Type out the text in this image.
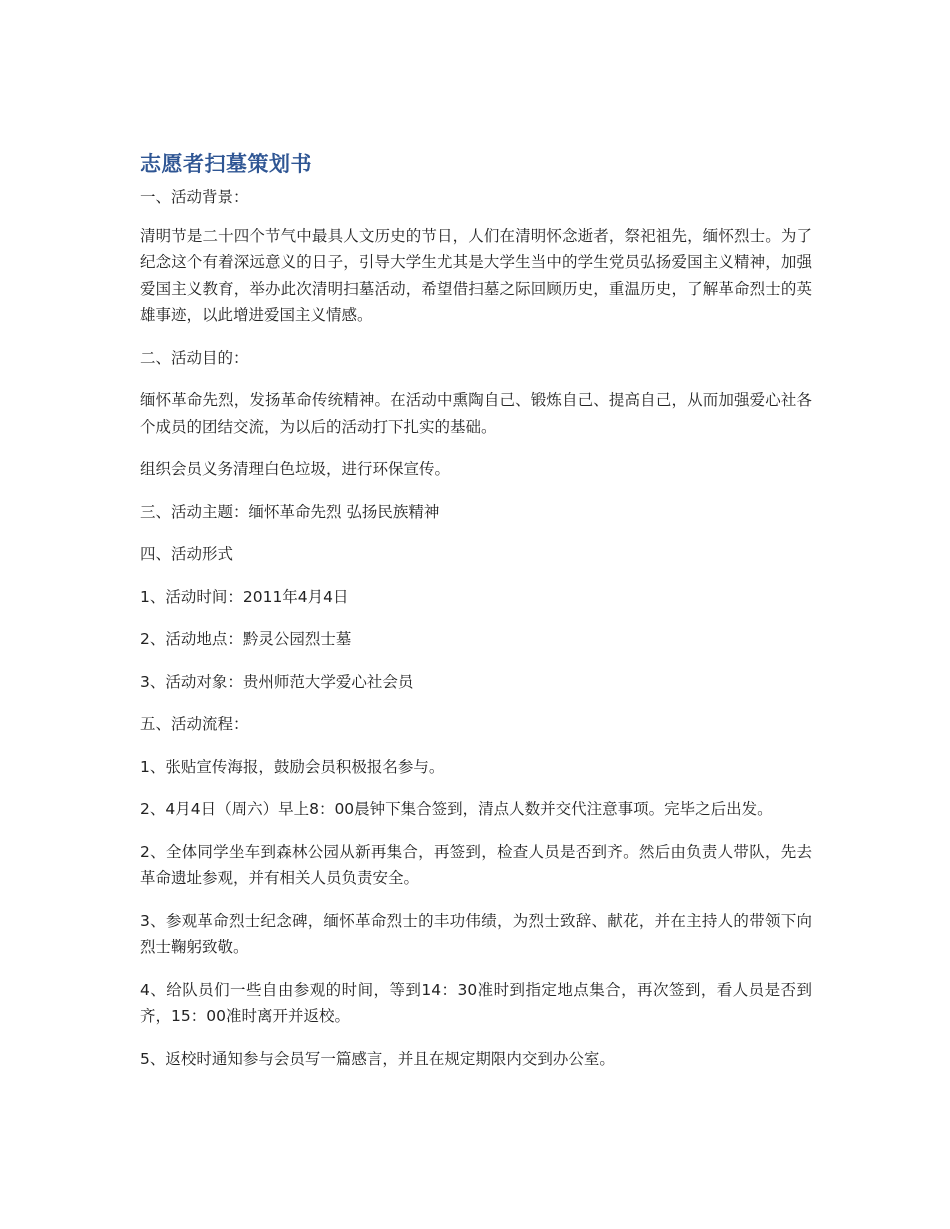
志愿者扫墓策划书

一、活动背景：

清明节是二十四个节气中最具人文历史的节日，人们在清明怀念逝者，祭祀祖先，缅怀烈士。为了纪念这个有着深远意义的日子，引导大学生尤其是大学生当中的学生党员弘扬爱国主义精神，加强爱国主义教育，举办此次清明扫墓活动，希望借扫墓之际回顾历史，重温历史，了解革命烈士的英雄事迹，以此增进爱国主义情感。

二、活动目的：

缅怀革命先烈，发扬革命传统精神。在活动中熏陶自己、锻炼自己、提高自己，从而加强爱心社各个成员的团结交流，为以后的活动打下扎实的基础。

组织会员义务清理白色垃圾，进行环保宣传。

三、活动主题：缅怀革命先烈 弘扬民族精神

四、活动形式

1、活动时间：2011年4月4日

2、活动地点：黔灵公园烈士墓

3、活动对象：贵州师范大学爱心社会员

五、活动流程：

1、张贴宣传海报，鼓励会员积极报名参与。

2、4月4日（周六）早上8：00晨钟下集合签到，清点人数并交代注意事项。完毕之后出发。

2、全体同学坐车到森林公园从新再集合，再签到，检查人员是否到齐。然后由负责人带队，先去革命遗址参观，并有相关人员负责安全。

3、参观革命烈士纪念碑，缅怀革命烈士的丰功伟绩，为烈士致辞、献花，并在主持人的带领下向烈士鞠躬致敬。

4、给队员们一些自由参观的时间，等到14：30准时到指定地点集合，再次签到，看人员是否到齐，15：00准时离开并返校。

5、返校时通知参与会员写一篇感言，并且在规定期限内交到办公室。
